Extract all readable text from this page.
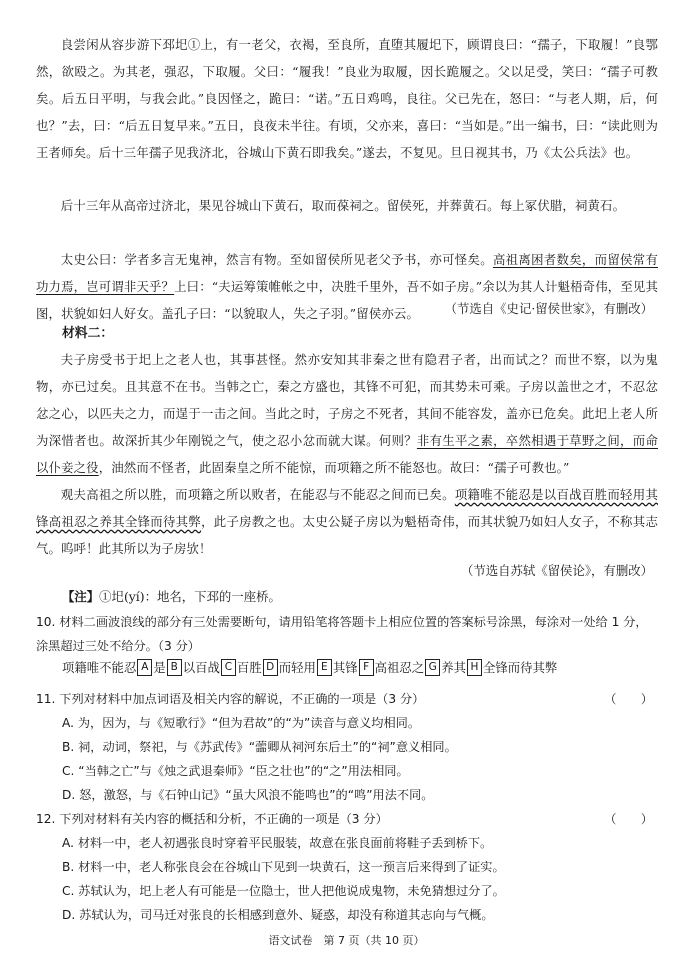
良尝闲从容步游下邳圯①上，有一老父，衣褐，至良所，直堕其履圯下，顾谓良曰：“孺子，下取履！”良鄂然，欲殴之。为其老，强忍，下取履。父曰：“履我！”良业为取履，因长跪履之。父以足受，笑曰：“孺子可教矣。后五日平明，与我会此。”良因怪之，跪曰：“诺。”五日鸡鸣，良往。父已先在，怒曰：“与老人期，后，何也？”去，曰：“后五日复早来。”五日，良夜未半往。有顷，父亦来，喜曰：“当如是。”出一编书，曰：“读此则为王者师矣。后十三年孺子见我济北，谷城山下黄石即我矣。”遂去，不复见。旦日视其书，乃《太公兵法》也。

后十三年从高帝过济北，果见谷城山下黄石，取而葆祠之。留侯死，并葬黄石。每上冢伏腊，祠黄石。

太史公曰：学者多言无鬼神，然言有物。至如留侯所见老父予书，亦可怪矣。高祖离困者数矣，而留侯常有功力焉，岂可谓非天乎？上曰：“夫运筹策帷帐之中，决胜千里外，吾不如子房。”余以为其人计魁梧奇伟，至见其图，状貌如妇人好女。盖孔子曰：“以貌取人，失之子羽。”留侯亦云。	（节选自《史记·留侯世家》，有删改）
材料二：

夫子房受书于圯上之老人也，其事甚怪。然亦安知其非秦之世有隐君子者，出而试之？而世不察，以为鬼物，亦已过矣。且其意不在书。当韩之亡，秦之方盛也，其锋不可犯，而其势未可乘。子房以盖世之才，不忍忿忿之心，以匹夫之力，而逞于一击之间。当此之时，子房之不死者，其间不能容发，盖亦已危矣。此圯上老人所为深惜者也。故深折其少年刚锐之气，使之忍小忿而就大谋。何则？非有生平之素，卒然相遇于草野之间，而命以仆妾之役，油然而不怪者，此固秦皇之所不能惊，而项籍之所不能怒也。故曰：“孺子可教也。”

观夫高祖之所以胜，而项籍之所以败者，在能忍与不能忍之间而已矣。项籍唯不能忍是以百战百胜而轻用其锋高祖忍之养其全锋而待其弊，此子房教之也。太史公疑子房以为魁梧奇伟，而其状貌乃如妇人女子，不称其志气。呜呼！此其所以为子房欤！

（节选自苏轼《留侯论》，有删改）
【注】①圯(yí)：地名，下邳的一座桥。

10. 材料二画波浪线的部分有三处需要断句，请用铅笔将答题卡上相应位置的答案标号涂黑，每涂对一处给 1 分，涂黑超过三处不给分。（3 分）

项籍唯不能忍 A 是 B 以百战 C 百胜 D 而轻用 E 其锋 F 高祖忍之 G 养其 H 全锋而待其弊

11. 下列对材料中加点词语及相关内容的解说，不正确的一项是（3 分）	（　　）
A. 为，因为，与《短歌行》“但为君故”的“为”读音与意义均相同。
B. 祠，动词，祭祀，与《苏武传》“蘦卿从祠河东后土”的“祠”意义相同。
C. “当韩之亡”与《烛之武退秦师》“臣之壮也”的“之”用法相同。
D. 怒，激怒，与《石钟山记》“虽大风浪不能鸣也”的“鸣”用法不同。

12. 下列对材料有关内容的概括和分析，不正确的一项是（3 分）	（　　）
A. 材料一中，老人初遇张良时穿着平民服装，故意在张良面前将鞋子丢到桥下。
B. 材料一中，老人称张良会在谷城山下见到一块黄石，这一预言后来得到了证实。
C. 苏轼认为，圯上老人有可能是一位隐士，世人把他说成鬼物，未免猜想过分了。
D. 苏轼认为，司马迁对张良的长相感到意外、疑惑，却没有称道其志向与气概。
语文试卷　第 7 页（共 10 页）
